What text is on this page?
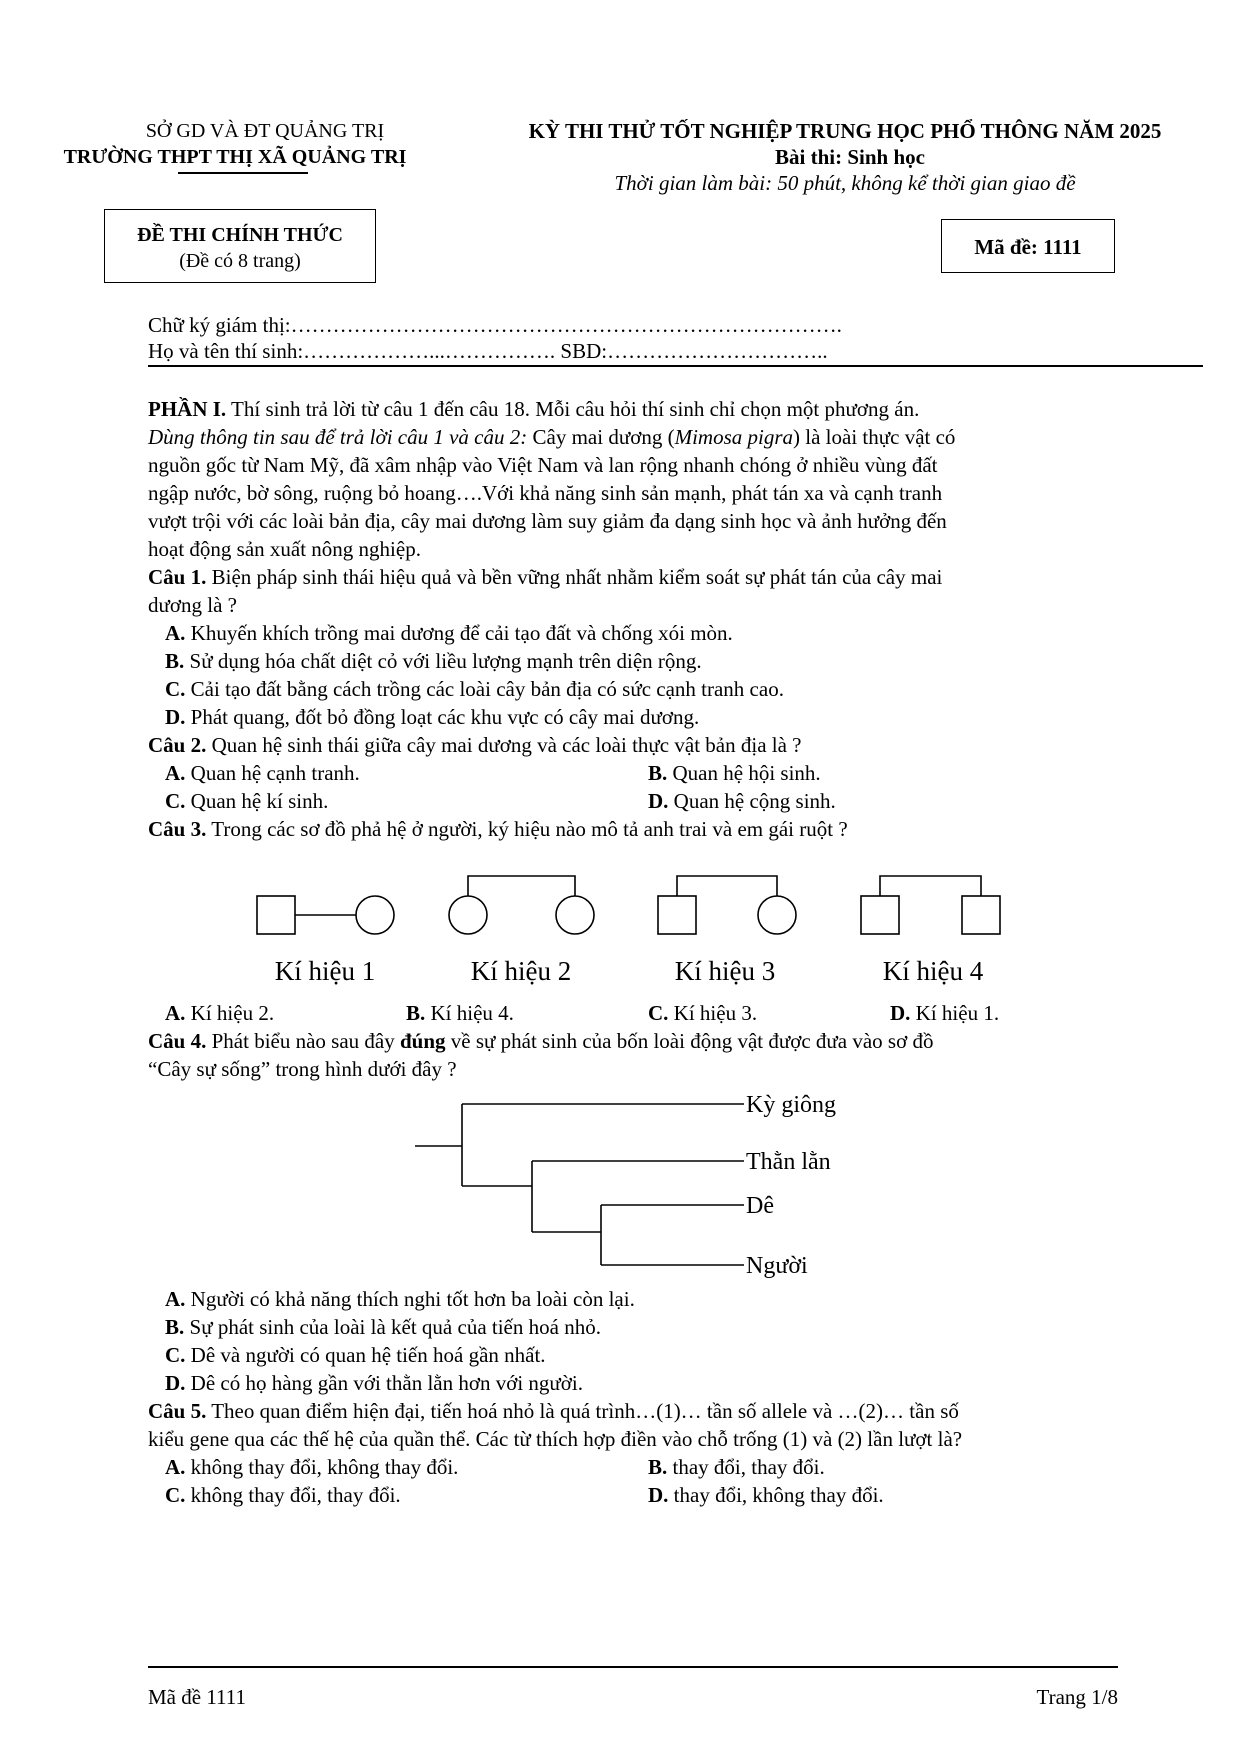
SỞ GD VÀ ĐT QUẢNG TRỊ
TRƯỜNG THPT THỊ XÃ QUẢNG TRỊ
KỲ THI THỬ TỐT NGHIỆP TRUNG HỌC PHỔ THÔNG NĂM 2025
Bài thi: Sinh học
Thời gian làm bài: 50 phút, không kể thời gian giao đề
ĐỀ THI CHÍNH THỨC
(Đề có 8 trang)
Mã đề: 1111
Chữ ký giám thị:…………………………………………………………………….
Họ và tên thí sinh:………………...……………. SBD:…………………………..
PHẦN I. Thí sinh trả lời từ câu 1 đến câu 18. Mỗi câu hỏi thí sinh chỉ chọn một phương án.
Dùng thông tin sau để trả lời câu 1 và câu 2: Cây mai dương (Mimosa pigra) là loài thực vật có
nguồn gốc từ Nam Mỹ, đã xâm nhập vào Việt Nam và lan rộng nhanh chóng ở nhiều vùng đất
ngập nước, bờ sông, ruộng bỏ hoang….Với khả năng sinh sản mạnh, phát tán xa và cạnh tranh
vượt trội với các loài bản địa, cây mai dương làm suy giảm đa dạng sinh học và ảnh hưởng đến
hoạt động sản xuất nông nghiệp.
Câu 1. Biện pháp sinh thái hiệu quả và bền vững nhất nhằm kiểm soát sự phát tán của cây mai
dương là ?
A. Khuyến khích trồng mai dương để cải tạo đất và chống xói mòn.
B. Sử dụng hóa chất diệt cỏ với liều lượng mạnh trên diện rộng.
C. Cải tạo đất bằng cách trồng các loài cây bản địa có sức cạnh tranh cao.
D. Phát quang, đốt bỏ đồng loạt các khu vực có cây mai dương.
Câu 2. Quan hệ sinh thái giữa cây mai dương và các loài thực vật bản địa là ?
A. Quan hệ cạnh tranh.	B. Quan hệ hội sinh.
C. Quan hệ kí sinh.	D. Quan hệ cộng sinh.
Câu 3. Trong các sơ đồ phả hệ ở người, ký hiệu nào mô tả anh trai và em gái ruột ?
Kí hiệu 1	Kí hiệu 2	Kí hiệu 3	Kí hiệu 4
Kỳ giông
Thằn lằn
Dê
Người
A. Kí hiệu 2.	B. Kí hiệu 4.	C. Kí hiệu 3.	D. Kí hiệu 1.
Câu 4. Phát biểu nào sau đây đúng về sự phát sinh của bốn loài động vật được đưa vào sơ đồ
“Cây sự sống” trong hình dưới đây ?
A. Người có khả năng thích nghi tốt hơn ba loài còn lại.
B. Sự phát sinh của loài là kết quả của tiến hoá nhỏ.
C. Dê và người có quan hệ tiến hoá gần nhất.
D. Dê có họ hàng gần với thằn lằn hơn với người.
Câu 5. Theo quan điểm hiện đại, tiến hoá nhỏ là quá trình…(1)… tần số allele và …(2)… tần số
kiểu gene qua các thế hệ của quần thể. Các từ thích hợp điền vào chỗ trống (1) và (2) lần lượt là?
A. không thay đổi, không thay đổi.	B. thay đổi, thay đổi.
C. không thay đổi, thay đổi.	D. thay đổi, không thay đổi.
Mã đề 1111	Trang 1/8
